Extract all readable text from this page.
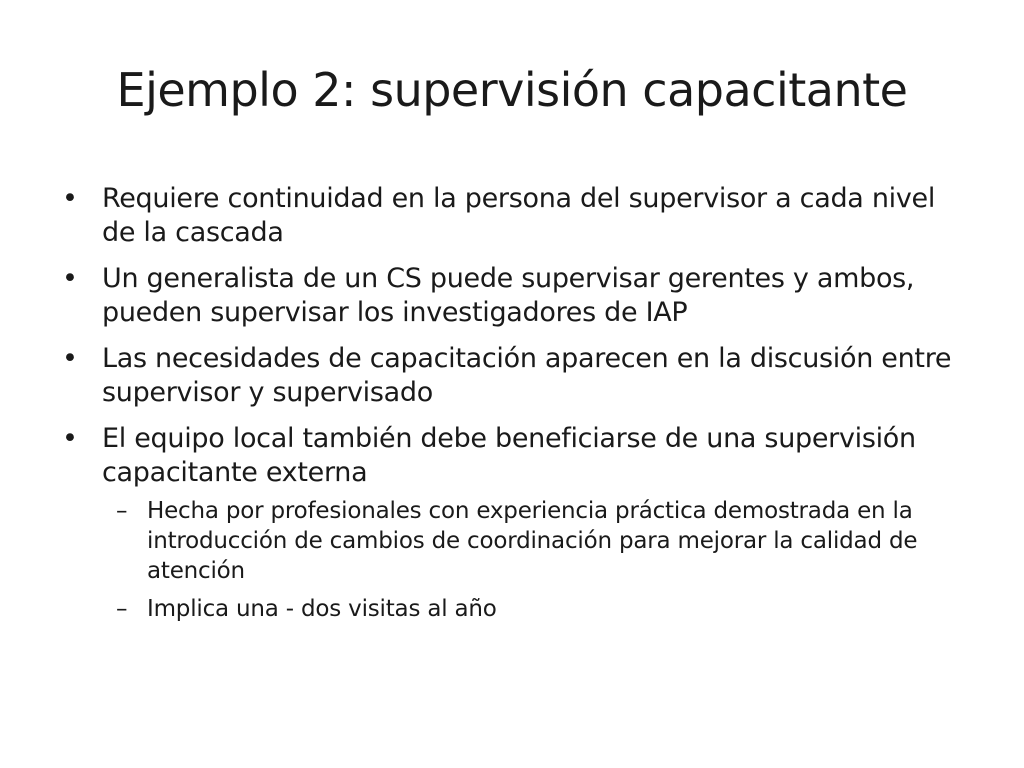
Ejemplo 2: supervisión capacitante
• Requiere continuidad en la persona del supervisor a cada nivel de la cascada
• Un generalista de un CS puede supervisar gerentes y ambos, pueden supervisar los investigadores de IAP
• Las necesidades de capacitación aparecen en la discusión entre supervisor y supervisado
• El equipo local también debe beneficiarse de una supervisión capacitante externa
– Hecha por profesionales con experiencia práctica demostrada en la introducción de cambios de coordinación para mejorar la calidad de atención
– Implica una - dos visitas al año
